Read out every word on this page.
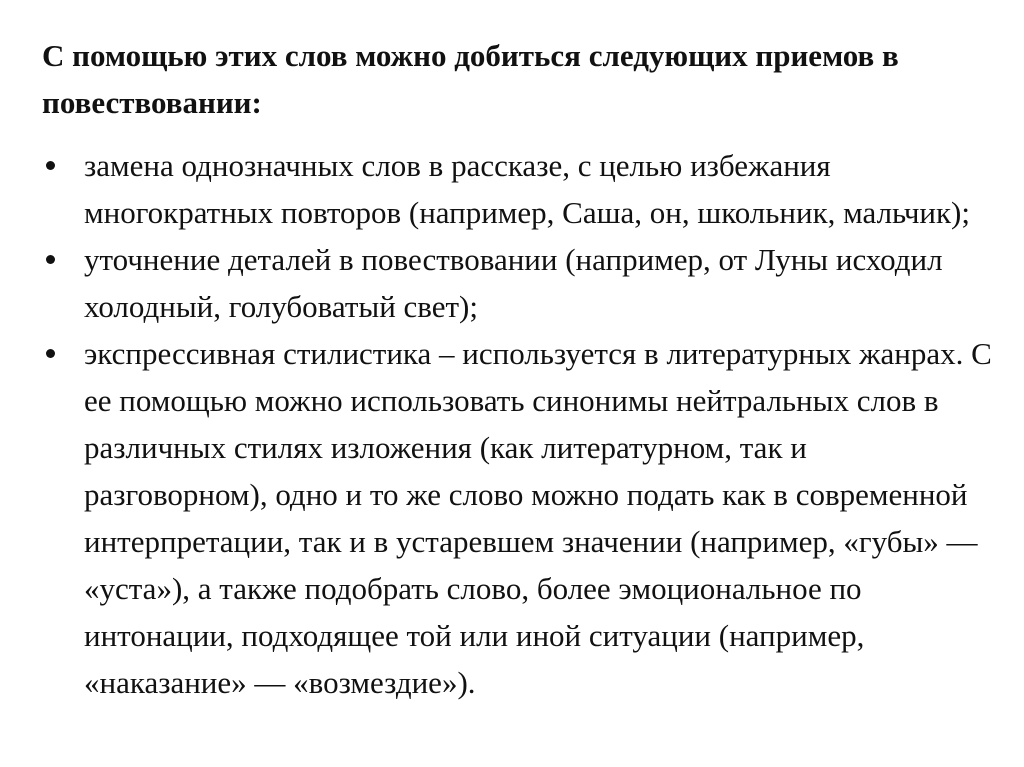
С помощью этих слов можно добиться следующих приемов в повествовании:

замена однозначных слов в рассказе, с целью избежания многократных повторов (например, Саша, он, школьник, мальчик);
уточнение деталей в повествовании (например, от Луны исходил холодный, голубоватый свет);
экспрессивная стилистика – используется в литературных жанрах. С ее помощью можно использовать синонимы нейтральных слов в различных стилях изложения (как литературном, так и разговорном), одно и то же слово можно подать как в современной интерпретации, так и в устаревшем значении (например, «губы» — «уста»), а также подобрать слово, более эмоциональное по интонации, подходящее той или иной ситуации (например, «наказание» — «возмездие»).
